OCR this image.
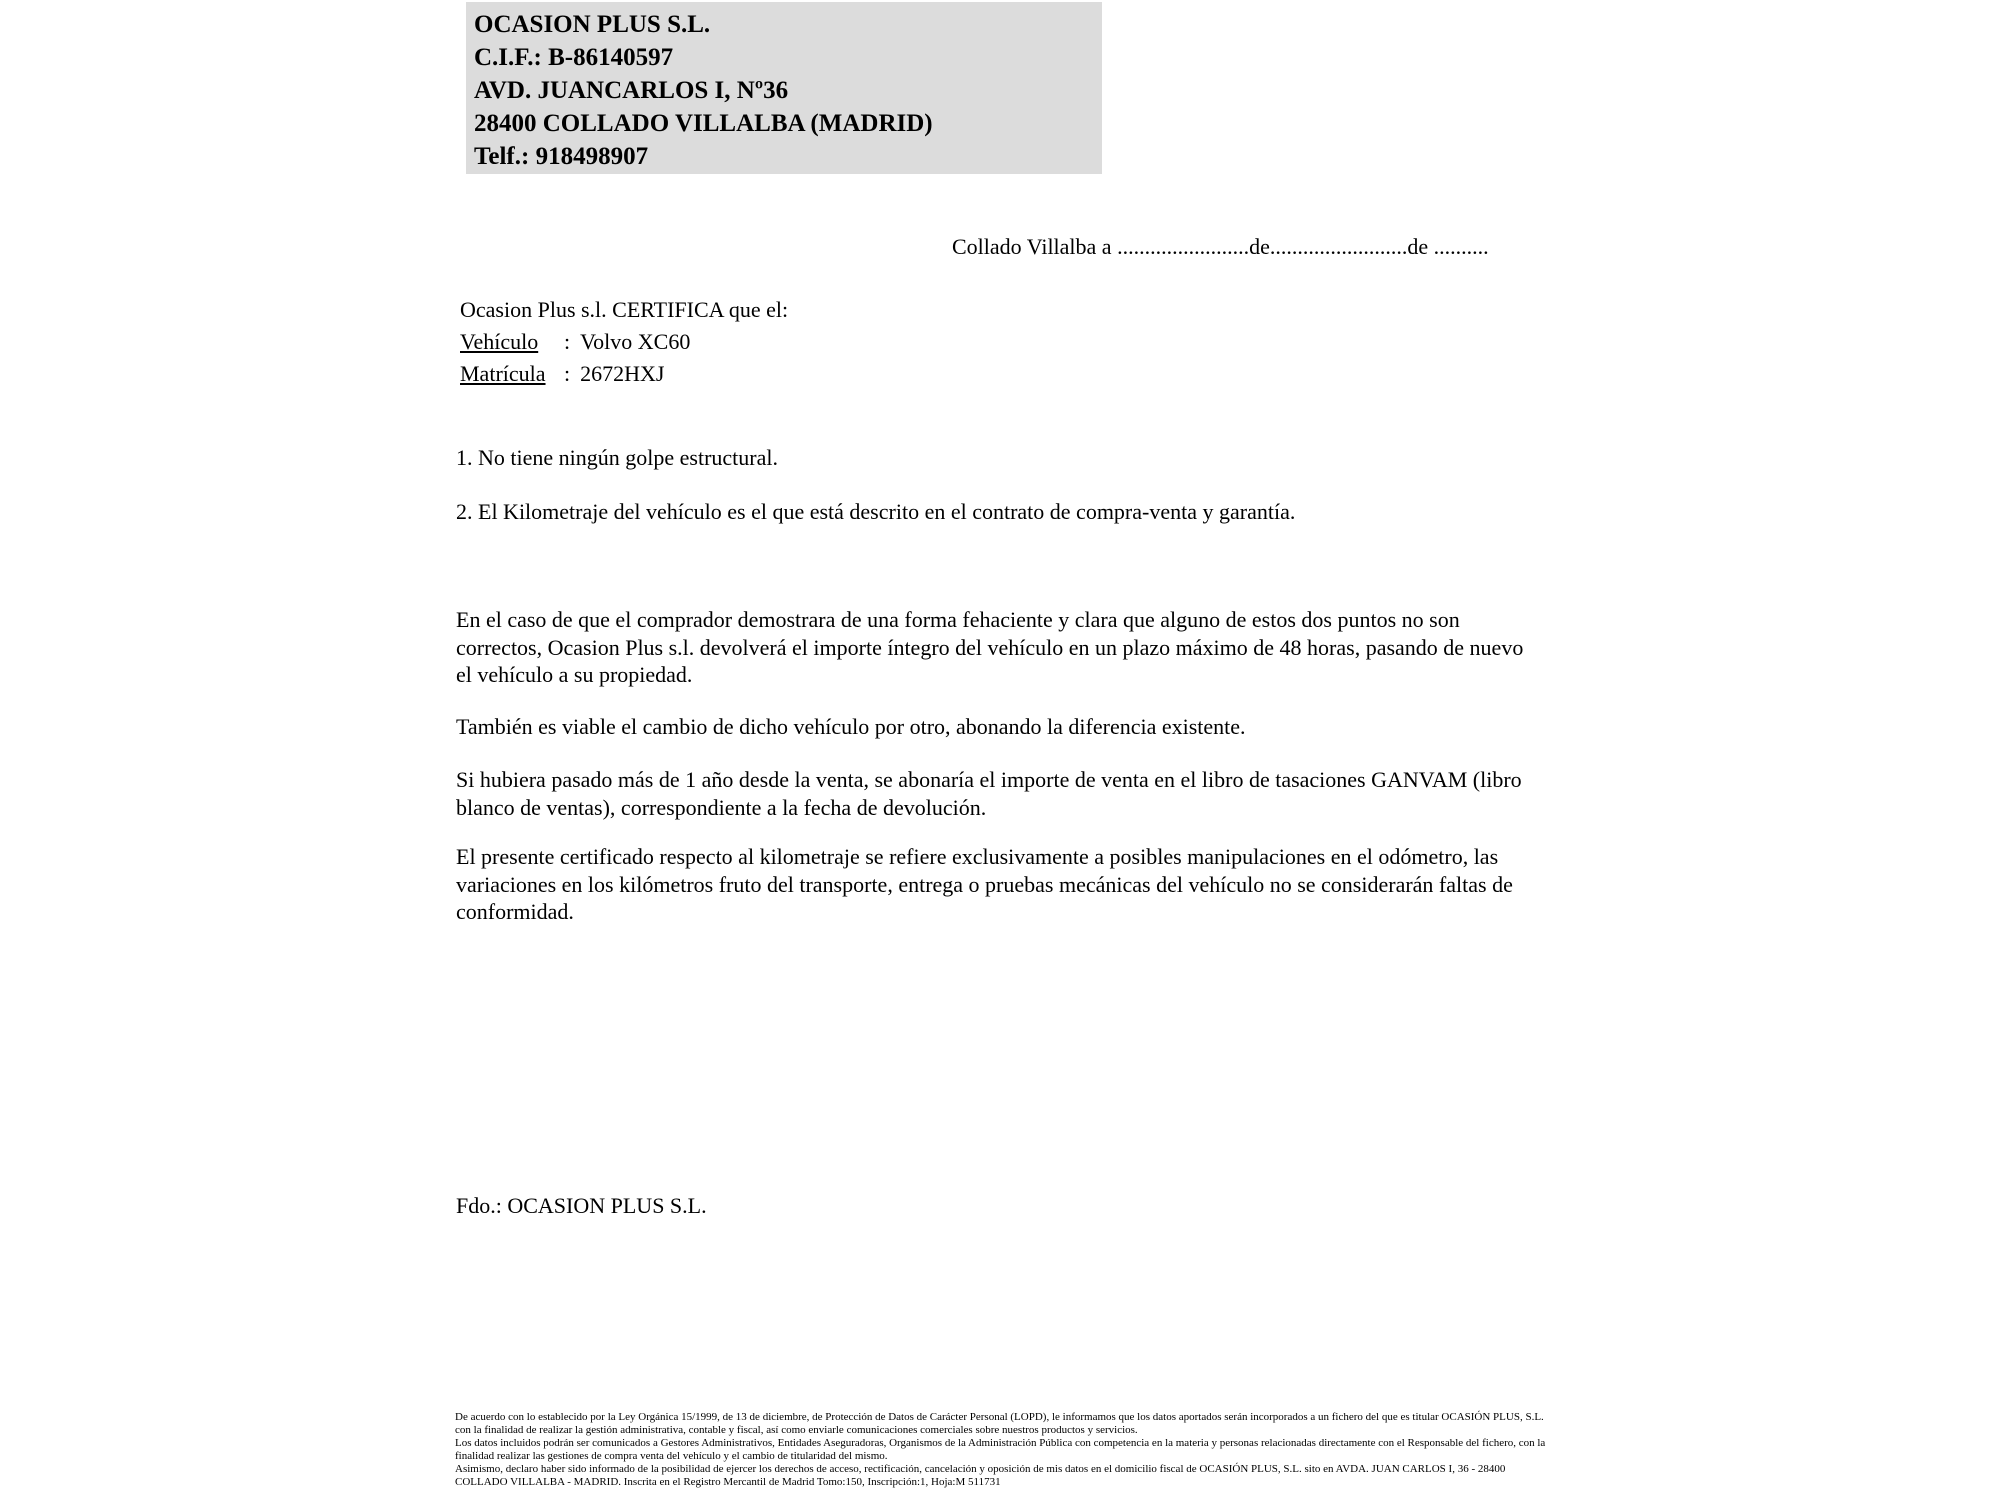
OCASION PLUS S.L.
C.I.F.: B-86140597
AVD. JUANCARLOS I, Nº36
28400 COLLADO VILLALBA (MADRID)
Telf.: 918498907
Collado Villalba a ........................de.........................de ..........
Ocasion Plus s.l. CERTIFICA que el:
Vehículo : Volvo XC60
Matrícula : 2672HXJ

1. No tiene ningún golpe estructural.

2. El Kilometraje del vehículo es el que está descrito en el contrato de compra-venta y garantía.

En el caso de que el comprador demostrara de una forma fehaciente y clara que alguno de estos dos puntos no son correctos, Ocasion Plus s.l. devolverá el importe íntegro del vehículo en un plazo máximo de 48 horas, pasando de nuevo el vehículo a su propiedad.

También es viable el cambio de dicho vehículo por otro, abonando la diferencia existente.

Si hubiera pasado más de 1 año desde la venta, se abonaría el importe de venta en el libro de tasaciones GANVAM (libro blanco de ventas), correspondiente a la fecha de devolución.

El presente certificado respecto al kilometraje se refiere exclusivamente a posibles manipulaciones en el odómetro, las variaciones en los kilómetros fruto del transporte, entrega o pruebas mecánicas del vehículo no se considerarán faltas de conformidad.

Fdo.: OCASION PLUS S.L.

De acuerdo con lo establecido por la Ley Orgánica 15/1999, de 13 de diciembre, de Protección de Datos de Carácter Personal (LOPD), le informamos que los datos aportados serán incorporados a un fichero del que es titular OCASIÓN PLUS, S.L. con la finalidad de realizar la gestión administrativa, contable y fiscal, así como enviarle comunicaciones comerciales sobre nuestros productos y servicios.

Los datos incluidos podrán ser comunicados a Gestores Administrativos, Entidades Aseguradoras, Organismos de la Administración Pública con competencia en la materia y personas relacionadas directamente con el Responsable del fichero, con la finalidad realizar las gestiones de compra venta del vehículo y el cambio de titularidad del mismo.

Asimismo, declaro haber sido informado de la posibilidad de ejercer los derechos de acceso, rectificación, cancelación y oposición de mis datos en el domicilio fiscal de OCASIÓN PLUS, S.L. sito en AVDA. JUAN CARLOS I, 36 - 28400 COLLADO VILLALBA - MADRID. Inscrita en el Registro Mercantil de Madrid Tomo:150, Inscripción:1, Hoja:M 511731
